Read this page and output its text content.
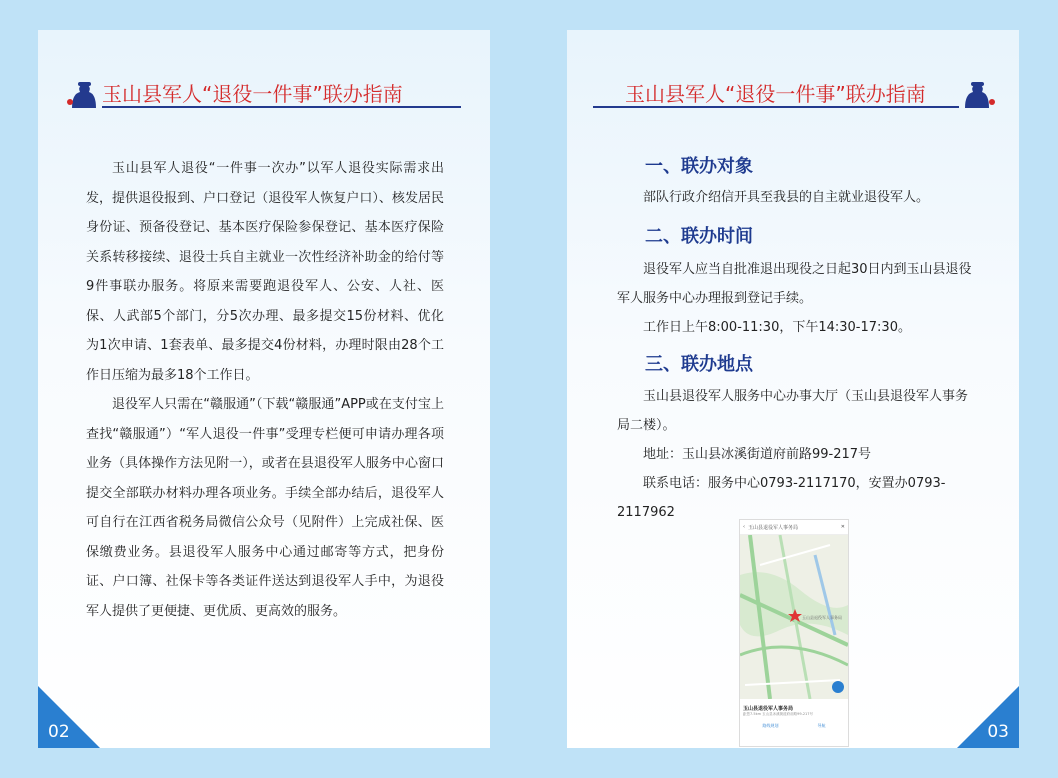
玉山县军人“退役一件事”联办指南

玉山县军人退役“一件事一次办”以军人退役实际需求出发，提供退役报到、户口登记（退役军人恢复户口）、核发居民身份证、预备役登记、基本医疗保险参保登记、基本医疗保险关系转移接续、退役士兵自主就业一次性经济补助金的给付等9件事联办服务。将原来需要跑退役军人、公安、人社、医保、人武部5个部门，分5次办理、最多提交15份材料、优化为1次申请、1套表单、最多提交4份材料，办理时限由28个工作日压缩为最多18个工作日。

退役军人只需在“赣服通”（下载“赣服通”APP或在支付宝上查找“赣服通”）“军人退役一件事”受理专栏便可申请办理各项业务（具体操作方法见附一），或者在县退役军人服务中心窗口提交全部联办材料办理各项业务。手续全部办结后，退役军人可自行在江西省税务局微信公众号（见附件）上完成社保、医保缴费业务。县退役军人服务中心通过邮寄等方式，把身份证、户口簿、社保卡等各类证件送达到退役军人手中，为退役军人提供了更便捷、更优质、更高效的服务。

02
玉山县军人“退役一件事”联办指南
一、联办对象

部队行政介绍信开具至我县的自主就业退役军人。

二、联办时间

退役军人应当自批准退出现役之日起30日内到玉山县退役军人服务中心办理报到登记手续。

工作日上午8:00-11:30，下午14:30-17:30。

三、联办地点

玉山县退役军人服务中心办事大厅（玉山县退役军人事务局二楼）。

地址：玉山县冰溪街道府前路99-217号

联系电话：服务中心0793-2117170，安置办0793-2117962

‹ 玉山县退役军人事务局	✕
玉山县退役军人事务局
玉山县退役军人事务局
距您7.5km 玉山县冰溪街道府前路99-217号
路线规划	导航	03
